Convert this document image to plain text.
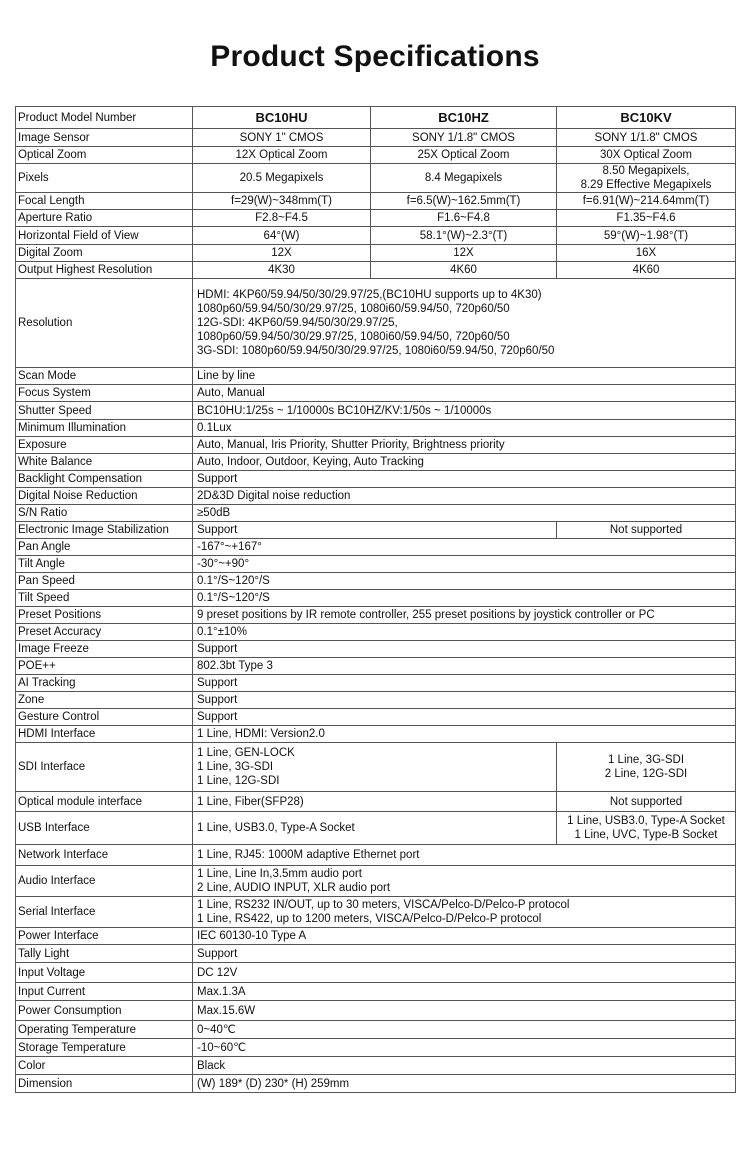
Product Specifications
Product Model Number	BC10HU	BC10HZ	BC10KV
Image Sensor	SONY 1" CMOS	SONY 1/1.8" CMOS	SONY 1/1.8" CMOS
Optical Zoom	12X Optical Zoom	25X Optical Zoom	30X Optical Zoom
Pixels	20.5 Megapixels	8.4 Megapixels	8.50 Megapixels,
8.29 Effective Megapixels

Focal Length	f=29(W)~348mm(T)	f=6.5(W)~162.5mm(T)	f=6.91(W)~214.64mm(T)
Aperture Ratio	F2.8~F4.5	F1.6~F4.8	F1.35~F4.6
Horizontal Field of View	64°(W)	58.1°(W)~2.3°(T)	59°(W)~1.98°(T)
Digital Zoom	12X	12X	16X
Output Highest Resolution	4K30	4K60	4K60
Resolution	HDMI: 4KP60/59.94/50/30/29.97/25,(BC10HU supports up to 4K30)
1080p60/59.94/50/30/29.97/25, 1080i60/59.94/50, 720p60/50
12G-SDI: 4KP60/59.94/50/30/29.97/25,
1080p60/59.94/50/30/29.97/25, 1080i60/59.94/50, 720p60/50
3G-SDI: 1080p60/59.94/50/30/29.97/25, 1080i60/59.94/50, 720p60/50		

Scan Mode	Line by line		
Focus System	Auto, Manual		
Shutter Speed	BC10HU:1/25s ~ 1/10000s BC10HZ/KV:1/50s ~ 1/10000s		
Minimum Illumination	0.1Lux		
Exposure	Auto, Manual, Iris Priority, Shutter Priority, Brightness priority		
White Balance	Auto, Indoor, Outdoor, Keying, Auto Tracking		
Backlight Compensation	Support		
Digital Noise Reduction	2D&3D Digital noise reduction		
S/N Ratio	≥50dB		
Electronic Image Stabilization	Support		Not supported
Pan Angle	-167°~+167°		
Tilt Angle	-30°~+90°		
Pan Speed	0.1°/S~120°/S		
Tilt Speed	0.1°/S~120°/S		
Preset Positions	9 preset positions by IR remote controller, 255 preset positions by joystick controller or PC		
Preset Accuracy	0.1°±10%		
Image Freeze	Support		
POE++	802.3bt Type 3		
AI Tracking	Support		
Zone	Support		
Gesture Control	Support		
HDMI Interface	1 Line, HDMI: Version2.0		
SDI Interface	1 Line, GEN-LOCK
1 Line, 3G-SDI
1 Line, 12G-SDI		1 Line, 3G-SDI
2 Line, 12G-SDI

Optical module interface	1 Line, Fiber(SFP28)		Not supported
USB Interface	1 Line, USB3.0, Type-A Socket		1 Line, USB3.0, Type-A Socket
1 Line, UVC, Type-B Socket

Network Interface	1 Line, RJ45: 1000M adaptive Ethernet port		
Audio Interface	1 Line, Line In,3.5mm audio port
2 Line, AUDIO INPUT, XLR audio port		

Serial Interface	1 Line, RS232 IN/OUT, up to 30 meters, VISCA/Pelco-D/Pelco-P protocol
1 Line, RS422, up to 1200 meters, VISCA/Pelco-D/Pelco-P protocol		

Power Interface	IEC 60130-10 Type A		
Tally Light	Support		
Input Voltage	DC 12V		
Input Current	Max.1.3A		
Power Consumption	Max.15.6W		
Operating Temperature	0~40℃		
Storage Temperature	-10~60℃		
Color	Black		
Dimension	(W) 189* (D) 230* (H) 259mm		
